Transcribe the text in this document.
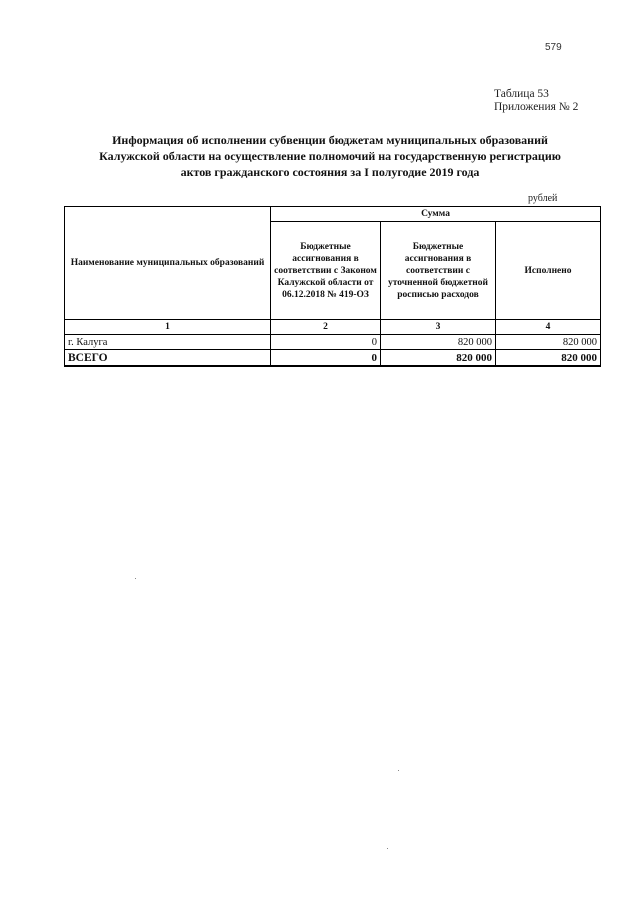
579
Таблица 53
Приложения № 2
Информация об исполнении субвенции бюджетам муниципальных образований
Калужской области на осуществление полномочий на государственную регистрацию
актов гражданского состояния за I полугодие 2019 года
рублей
Наименование муниципальных образований	Сумма		
	Бюджетные ассигнования в соответствии с Законом Калужской области от 06.12.2018 № 419-ОЗ	Бюджетные ассигнования в соответствии с уточненной бюджетной росписью расходов	Исполнено
1	2	3	4
г. Калуга	0	820 000	820 000
ВСЕГО	0	820 000	820 000
